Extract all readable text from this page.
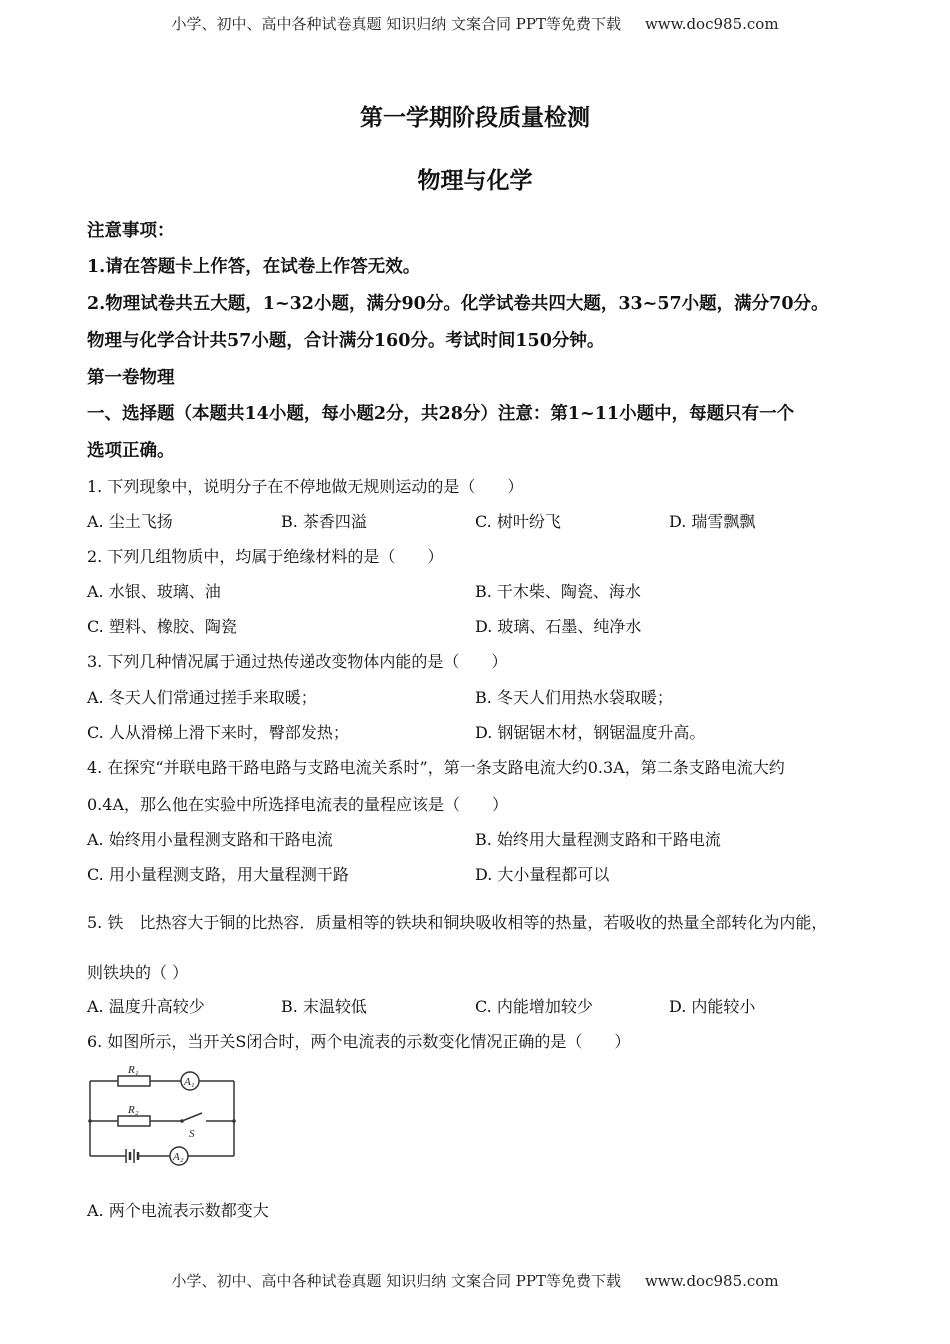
小学、初中、高中各种试卷真题 知识归纳 文案合同 PPT等免费下载 www.doc985.com
第一学期阶段质量检测
物理与化学
注意事项：
1.请在答题卡上作答，在试卷上作答无效。
2.物理试卷共五大题，1~32小题，满分90分。化学试卷共四大题，33~57小题，满分70分。
物理与化学合计共57小题，合计满分160分。考试时间150分钟。
第一卷物理
一、选择题（本题共14小题，每小题2分，共28分）注意：第1~11小题中，每题只有一个
选项正确。
1. 下列现象中，说明分子在不停地做无规则运动的是（　　）
A. 尘土飞扬	B. 茶香四溢	C. 树叶纷飞	D. 瑞雪飘飘
2. 下列几组物质中，均属于绝缘材料的是（　　）
A. 水银、玻璃、油	B. 干木柴、陶瓷、海水
C. 塑料、橡胶、陶瓷	D. 玻璃、石墨、纯净水
3. 下列几种情况属于通过热传递改变物体内能的是（　　）
A. 冬天人们常通过搓手来取暖；	B. 冬天人们用热水袋取暖；
C. 人从滑梯上滑下来时，臀部发热；	D. 钢锯锯木材，钢锯温度升高。
4. 在探究“并联电路干路电路与支路电流关系时”，第一条支路电流大约0.3A，第二条支路电流大约
0.4A，那么他在实验中所选择电流表的量程应该是（　　）
A. 始终用小量程测支路和干路电流	B. 始终用大量程测支路和干路电流
C. 用小量程测支路，用大量程测干路	D. 大小量程都可以
5. 铁　比热容大于铜的比热容．质量相等的铁块和铜块吸收相等的热量，若吸收的热量全部转化为内能，
则铁块的（ ）
A. 温度升高较少	B. 末温较低	C. 内能增加较少	D. 内能较小
6. 如图所示，当开关S闭合时，两个电流表的示数变化情况正确的是（　　）
R₁
R₂
S
A₁
A₂
A. 两个电流表示数都变大
小学、初中、高中各种试卷真题 知识归纳 文案合同 PPT等免费下载 www.doc985.com
